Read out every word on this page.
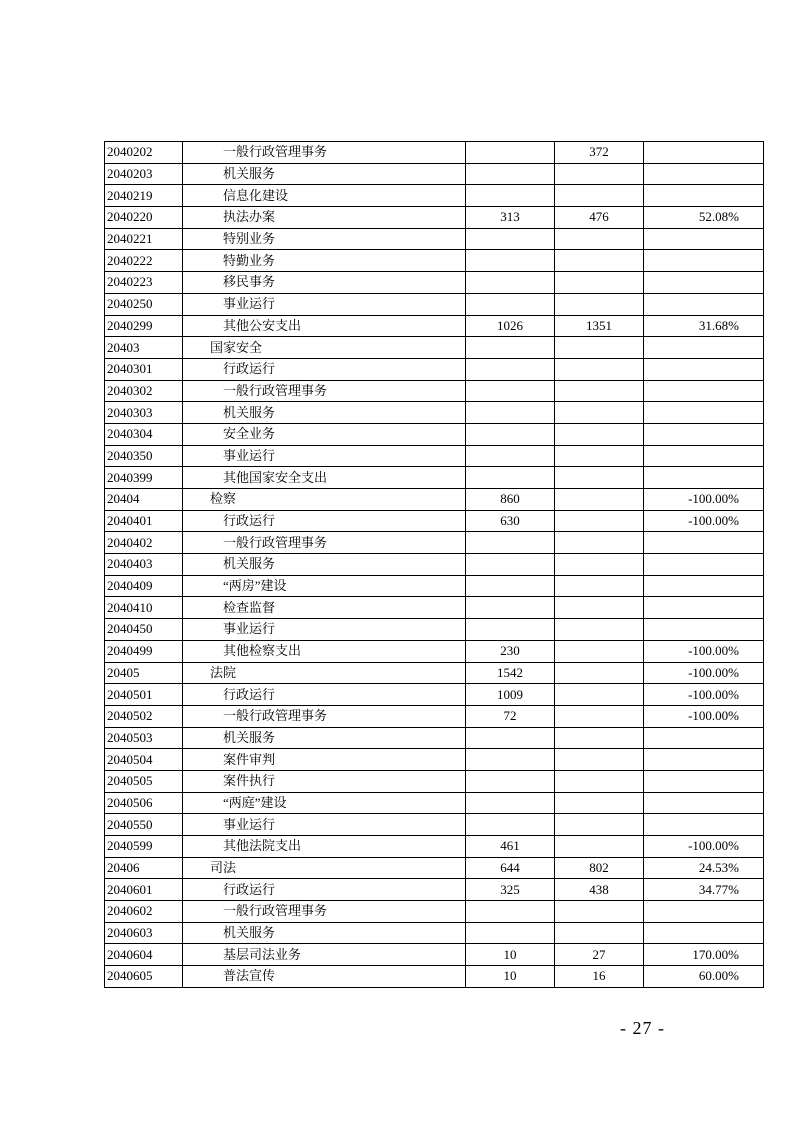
2040202	一般行政管理事务		372	
2040203	机关服务			
2040219	信息化建设			
2040220	执法办案	313	476	52.08%
2040221	特别业务			
2040222	特勤业务			
2040223	移民事务			
2040250	事业运行			
2040299	其他公安支出	1026	1351	31.68%
20403	国家安全			
2040301	行政运行			
2040302	一般行政管理事务			
2040303	机关服务			
2040304	安全业务			
2040350	事业运行			
2040399	其他国家安全支出			
20404	检察	860		-100.00%
2040401	行政运行	630		-100.00%
2040402	一般行政管理事务			
2040403	机关服务			
2040409	“两房”建设			
2040410	检查监督			
2040450	事业运行			
2040499	其他检察支出	230		-100.00%
20405	法院	1542		-100.00%
2040501	行政运行	1009		-100.00%
2040502	一般行政管理事务	72		-100.00%
2040503	机关服务			
2040504	案件审判			
2040505	案件执行			
2040506	“两庭”建设			
2040550	事业运行			
2040599	其他法院支出	461		-100.00%
20406	司法	644	802	24.53%
2040601	行政运行	325	438	34.77%
2040602	一般行政管理事务			
2040603	机关服务			
2040604	基层司法业务	10	27	170.00%
2040605	普法宣传	10	16	60.00%
- 27 -
